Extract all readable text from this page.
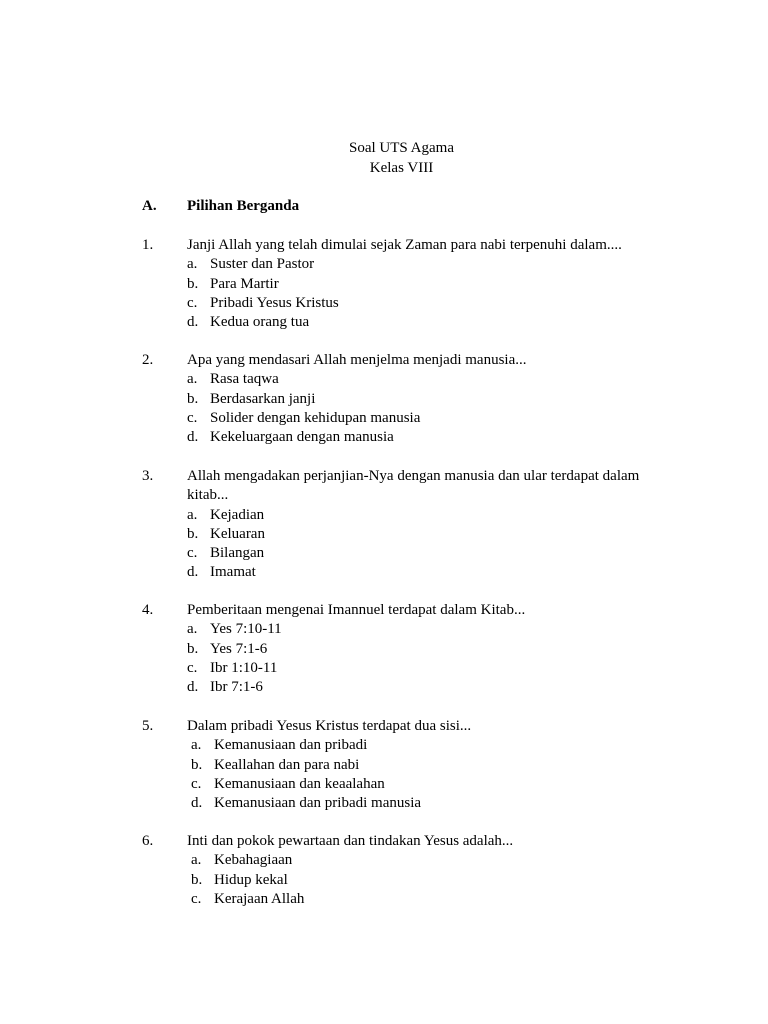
Soal UTS Agama
Kelas VIII
A. Pilihan Berganda
1. Janji Allah yang telah dimulai sejak Zaman para nabi terpenuhi dalam....
a. Suster dan Pastor
b. Para Martir
c. Pribadi Yesus Kristus
d. Kedua orang tua
2. Apa yang mendasari Allah menjelma menjadi manusia...
a. Rasa taqwa
b. Berdasarkan janji
c. Solider dengan kehidupan manusia
d. Kekeluargaan dengan manusia
3. Allah mengadakan perjanjian-Nya dengan manusia dan ular terdapat dalam kitab...
a. Kejadian
b. Keluaran
c. Bilangan
d. Imamat
4. Pemberitaan mengenai Imannuel terdapat dalam Kitab...
a. Yes 7:10-11
b. Yes 7:1-6
c. Ibr 1:10-11
d. Ibr 7:1-6
5. Dalam pribadi Yesus Kristus terdapat dua sisi...
a. Kemanusiaan dan pribadi
b. Keallahan dan para nabi
c. Kemanusiaan dan keaalahan
d. Kemanusiaan dan pribadi manusia
6. Inti dan pokok pewartaan dan tindakan Yesus adalah...
a. Kebahagiaan
b. Hidup kekal
c. Kerajaan Allah
